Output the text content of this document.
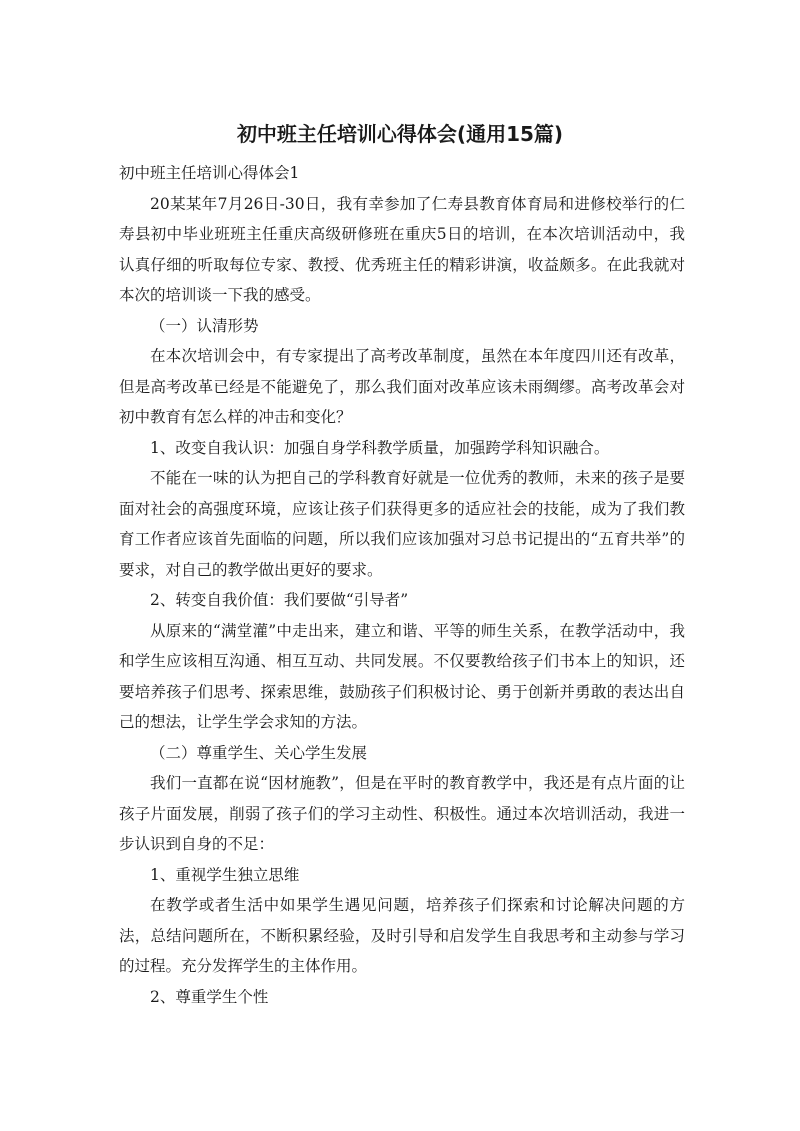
初中班主任培训心得体会(通用15篇)

初中班主任培训心得体会1

20某某年7月26日-30日，我有幸参加了仁寿县教育体育局和进修校举行的仁寿县初中毕业班班主任重庆高级研修班在重庆5日的培训，在本次培训活动中，我认真仔细的听取每位专家、教授、优秀班主任的精彩讲演，收益颇多。在此我就对本次的培训谈一下我的感受。

（一）认清形势

在本次培训会中，有专家提出了高考改革制度，虽然在本年度四川还有改革，但是高考改革已经是不能避免了，那么我们面对改革应该未雨绸缪。高考改革会对初中教育有怎么样的冲击和变化？

1、改变自我认识：加强自身学科教学质量，加强跨学科知识融合。

不能在一味的认为把自己的学科教育好就是一位优秀的教师，未来的孩子是要面对社会的高强度环境，应该让孩子们获得更多的适应社会的技能，成为了我们教育工作者应该首先面临的问题，所以我们应该加强对习总书记提出的“五育共举”的要求，对自己的教学做出更好的要求。

2、转变自我价值：我们要做“引导者”

从原来的“满堂灌”中走出来，建立和谐、平等的师生关系，在教学活动中，我和学生应该相互沟通、相互互动、共同发展。不仅要教给孩子们书本上的知识，还要培养孩子们思考、探索思维，鼓励孩子们积极讨论、勇于创新并勇敢的表达出自己的想法，让学生学会求知的方法。

（二）尊重学生、关心学生发展

我们一直都在说“因材施教”，但是在平时的教育教学中，我还是有点片面的让孩子片面发展，削弱了孩子们的学习主动性、积极性。通过本次培训活动，我进一步认识到自身的不足：

1、重视学生独立思维

在教学或者生活中如果学生遇见问题，培养孩子们探索和讨论解决问题的方法，总结问题所在，不断积累经验，及时引导和启发学生自我思考和主动参与学习的过程。充分发挥学生的主体作用。

2、尊重学生个性
